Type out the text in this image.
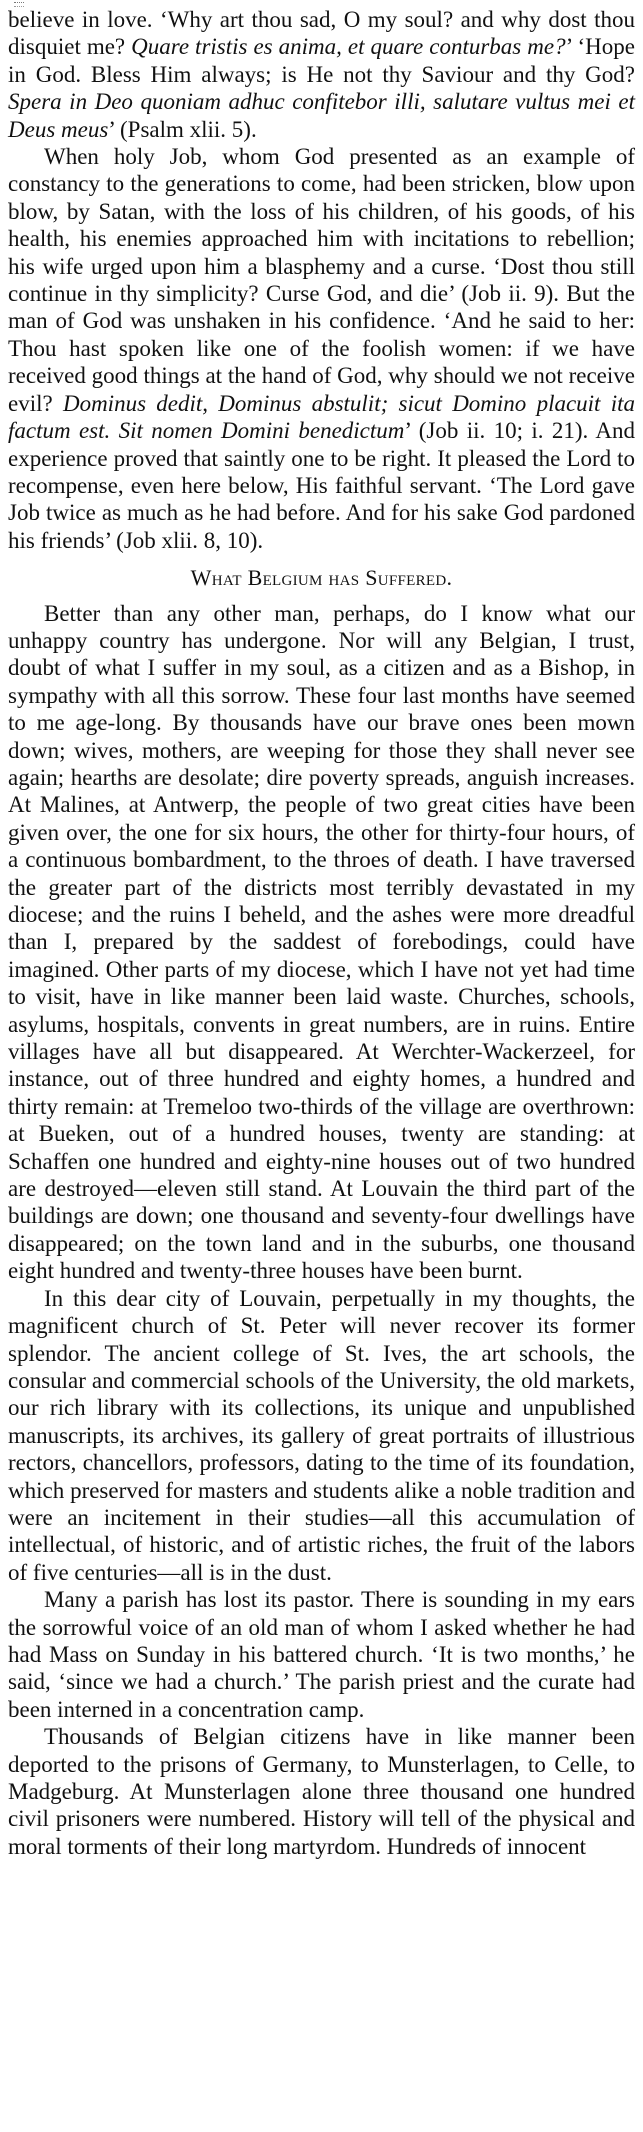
believe in love. ‘Why art thou sad, O my soul? and why dost thou disquiet me? Quare tristis es anima, et quare conturbas me?’ ‘Hope in God. Bless Him always; is He not thy Saviour and thy God? Spera in Deo quoniam adhuc confitebor illi, salutare vultus mei et Deus meus’ (Psalm xlii. 5).

When holy Job, whom God presented as an example of constancy to the generations to come, had been stricken, blow upon blow, by Satan, with the loss of his children, of his goods, of his health, his enemies approached him with incitations to rebellion; his wife urged upon him a blasphemy and a curse. ‘Dost thou still continue in thy simplicity? Curse God, and die’ (Job ii. 9). But the man of God was unshaken in his confidence. ‘And he said to her: Thou hast spoken like one of the foolish women: if we have received good things at the hand of God, why should we not receive evil? Dominus dedit, Dominus abstulit; sicut Domino placuit ita factum est. Sit nomen Domini benedictum’ (Job ii. 10; i. 21). And experience proved that saintly one to be right. It pleased the Lord to recompense, even here below, His faithful servant. ‘The Lord gave Job twice as much as he had before. And for his sake God pardoned his friends’ (Job xlii. 8, 10).

What Belgium has Suffered.

Better than any other man, perhaps, do I know what our unhappy country has undergone. Nor will any Belgian, I trust, doubt of what I suffer in my soul, as a citizen and as a Bishop, in sympathy with all this sorrow. These four last months have seemed to me age-long. By thousands have our brave ones been mown down; wives, mothers, are weeping for those they shall never see again; hearths are desolate; dire poverty spreads, anguish increases. At Malines, at Antwerp, the people of two great cities have been given over, the one for six hours, the other for thirty-four hours, of a continuous bombardment, to the throes of death. I have traversed the greater part of the districts most terribly devastated in my diocese; and the ruins I beheld, and the ashes were more dreadful than I, prepared by the saddest of forebodings, could have imagined. Other parts of my diocese, which I have not yet had time to visit, have in like manner been laid waste. Churches, schools, asylums, hospitals, convents in great numbers, are in ruins. Entire villages have all but disappeared. At Werchter-Wackerzeel, for instance, out of three hundred and eighty homes, a hundred and thirty remain: at Tremeloo two-thirds of the village are overthrown: at Bueken, out of a hundred houses, twenty are standing: at Schaffen one hundred and eighty-nine houses out of two hundred are destroyed—eleven still stand. At Louvain the third part of the buildings are down; one thousand and seventy-four dwellings have disappeared; on the town land and in the suburbs, one thousand eight hundred and twenty-three houses have been burnt.

In this dear city of Louvain, perpetually in my thoughts, the magnificent church of St. Peter will never recover its former splendor. The ancient college of St. Ives, the art schools, the consular and commercial schools of the University, the old markets, our rich library with its collections, its unique and unpublished manuscripts, its archives, its gallery of great portraits of illustrious rectors, chancellors, professors, dating to the time of its foundation, which preserved for masters and students alike a noble tradition and were an incitement in their studies—all this accumulation of intellectual, of historic, and of artistic riches, the fruit of the labors of five centuries—all is in the dust.

Many a parish has lost its pastor. There is sounding in my ears the sorrowful voice of an old man of whom I asked whether he had had Mass on Sunday in his battered church. ‘It is two months,’ he said, ‘since we had a church.’ The parish priest and the curate had been interned in a concentration camp.

Thousands of Belgian citizens have in like manner been deported to the prisons of Germany, to Munsterlagen, to Celle, to Madgeburg. At Munsterlagen alone three thousand one hundred civil prisoners were numbered. History will tell of the physical and moral torments of their long martyrdom. Hundreds of innocent
